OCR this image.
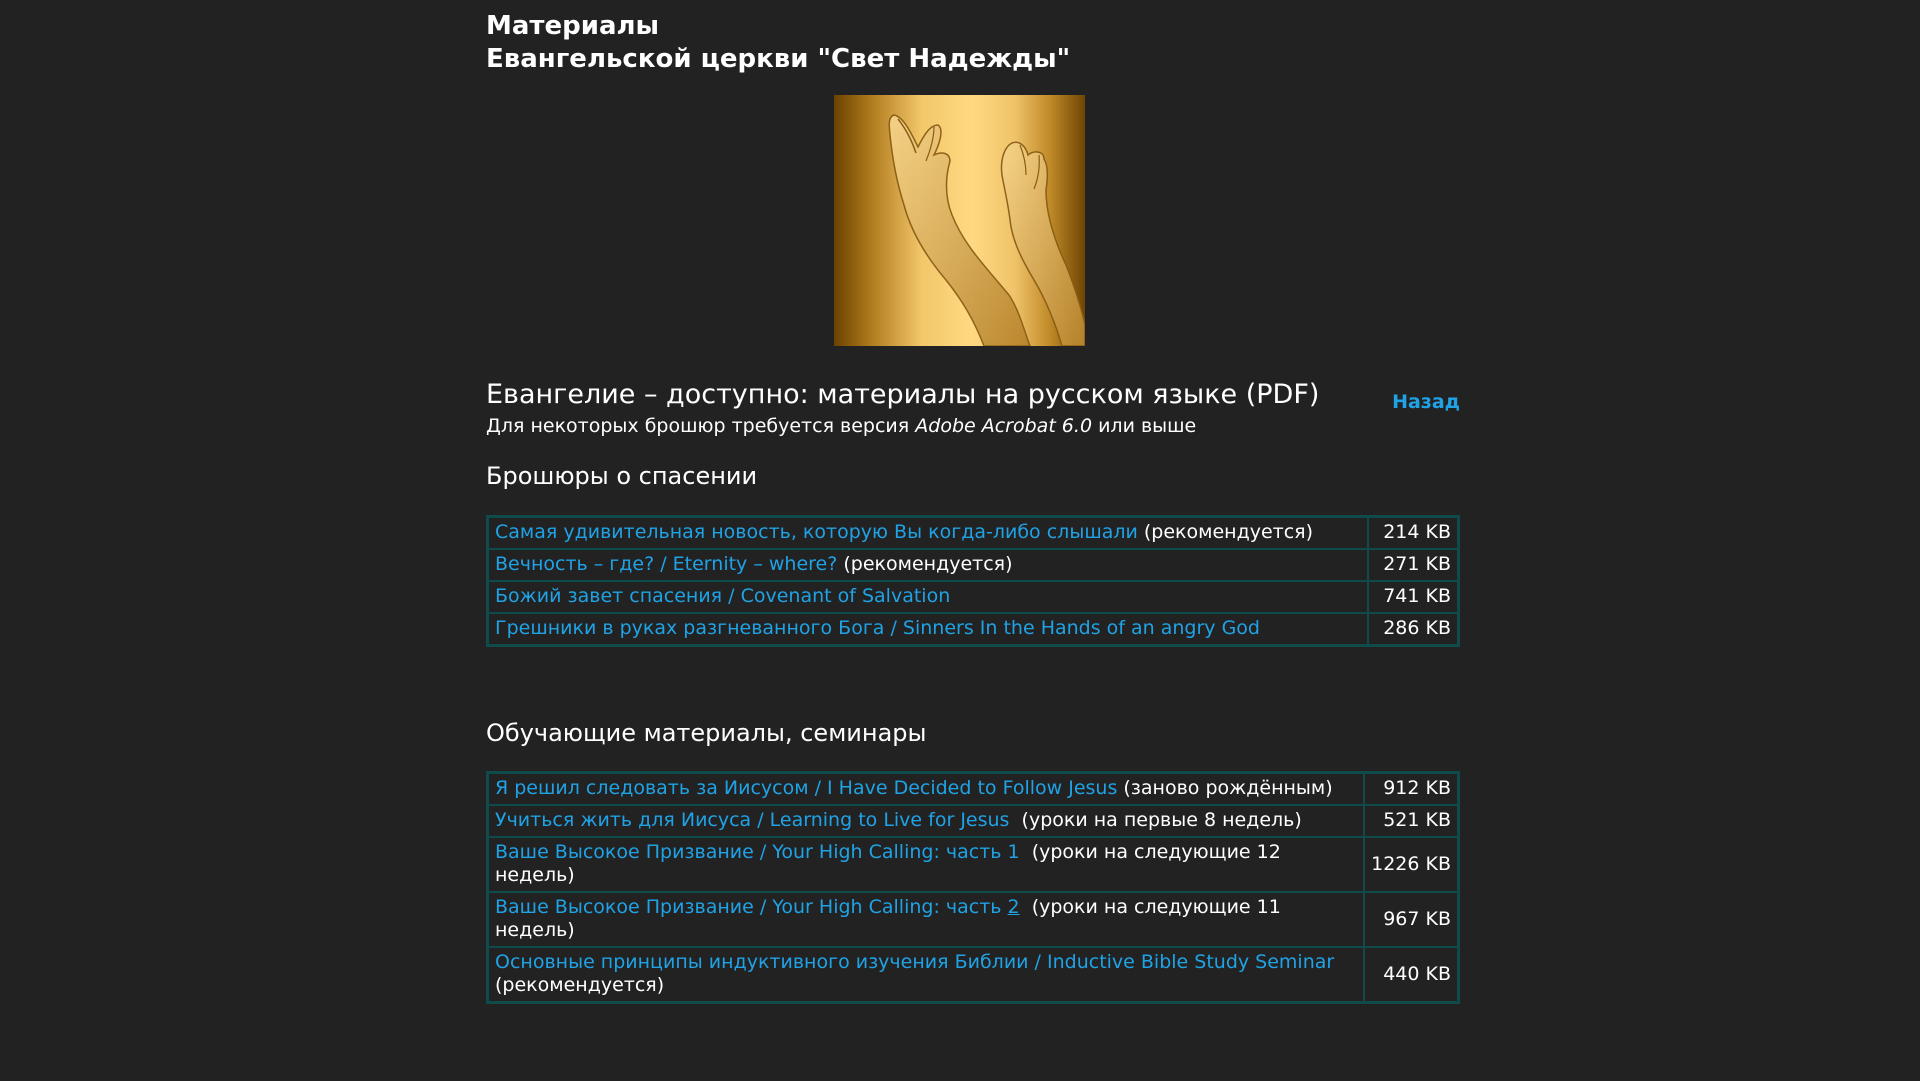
Материалы
Евангельской церкви "Свет Надежды"
Евангелие – доступно: материалы на русском языке (PDF)	Назад
Для некоторых брошюр требуется версия Adobe Acrobat 6.0 или выше
Брошюры о спасении
Самая удивительная новость, которую Вы когда-либо слышали (рекомендуется)	214 KB
Вечность – где? / Eternity – where? (рекомендуется)	271 KB
Божий завет спасения / Covenant of Salvation	741 KB
Грешники в руках разгневанного Бога / Sinners In the Hands of an angry God	286 KB
Обучающие материалы, семинары
Я решил следовать за Иисусом / I Have Decided to Follow Jesus (заново рождённым)	912 KB
Учиться жить для Иисуса / Learning to Live for Jesus  (уроки на первые 8 недель)	521 KB
Ваше Высокое Призвание / Your High Calling: часть 1  (уроки на следующие 12 недель)	1226 KB
Ваше Высокое Призвание / Your High Calling: часть 2  (уроки на следующие 11 недель)	967 KB
Основные принципы индуктивного изучения Библии / Inductive Bible Study Seminar (рекомендуется)	440 KB
